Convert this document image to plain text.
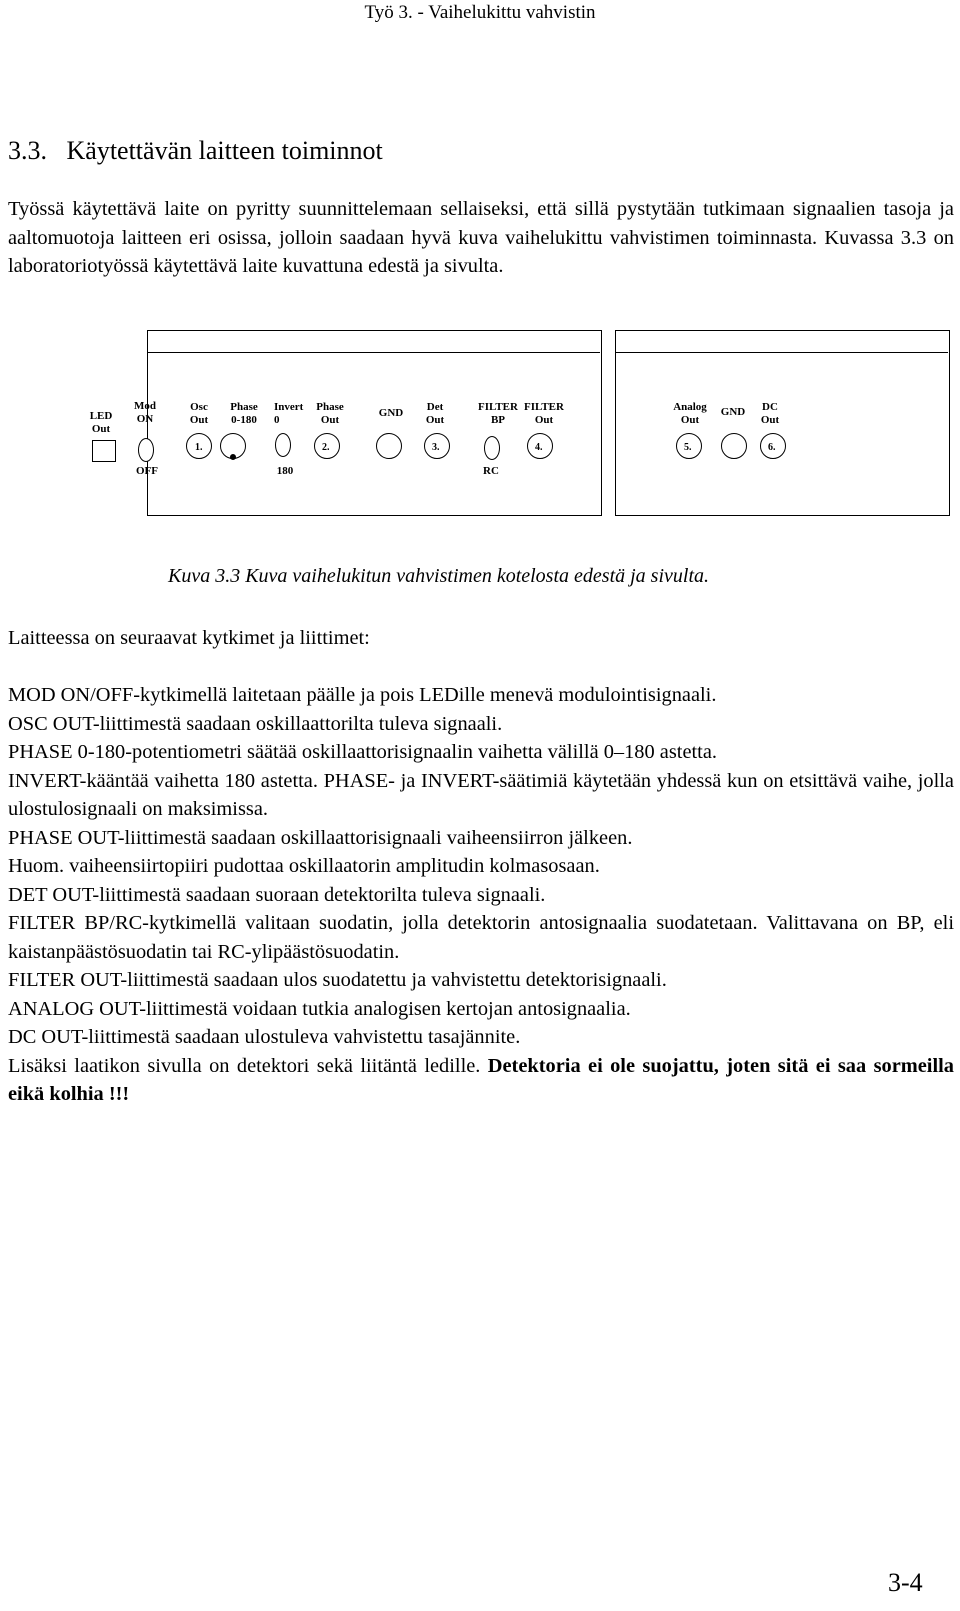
Työ 3. - Vaihelukittu vahvistin
3.3. Käytettävän laitteen toiminnot

Työssä käytettävä laite on pyritty suunnittelemaan sellaiseksi, että sillä pystytään tutkimaan signaalien tasoja ja aaltomuotoja laitteen eri osissa, jolloin saadaan hyvä kuva vaihelukittu vahvistimen toiminnasta. Kuvassa 3.3 on laboratoriotyössä käytettävä laite kuvattuna edestä ja sivulta.

LED
Out
Mod
ON
OFF
Osc
Out
1.
Phase
0-180
Invert
0
180
Phase
Out
2.
GND	Det
Out
3.
FILTER
BP
RC
FILTER
Out
4.
Analog
Out
5.
GND	DC
Out
6.
Kuva 3.3 Kuva vaihelukitun vahvistimen kotelosta edestä ja sivulta.

Laitteessa on seuraavat kytkimet ja liittimet:

MOD ON/OFF-kytkimellä laitetaan päälle ja pois LEDille menevä modulointisignaali.
OSC OUT-liittimestä saadaan oskillaattorilta tuleva signaali.
PHASE 0-180-potentiometri säätää oskillaattorisignaalin vaihetta välillä 0–180 astetta.
INVERT-kääntää vaihetta 180 astetta. PHASE- ja INVERT-säätimiä käytetään yhdessä kun on etsittävä vaihe, jolla ulostulosignaali on maksimissa.
PHASE OUT-liittimestä saadaan oskillaattorisignaali vaiheensiirron jälkeen.
Huom. vaiheensiirtopiiri pudottaa oskillaatorin amplitudin kolmasosaan.
DET OUT-liittimestä saadaan suoraan detektorilta tuleva signaali.
FILTER BP/RC-kytkimellä valitaan suodatin, jolla detektorin antosignaalia suodatetaan. Valittavana on BP, eli kaistanpäästösuodatin tai RC-ylipäästösuodatin.
FILTER OUT-liittimestä saadaan ulos suodatettu ja vahvistettu detektorisignaali.
ANALOG OUT-liittimestä voidaan tutkia analogisen kertojan antosignaalia.
DC OUT-liittimestä saadaan ulostuleva vahvistettu tasajännite.
Lisäksi laatikon sivulla on detektori sekä liitäntä ledille. Detektoria ei ole suojattu, joten sitä ei saa sormeilla eikä kolhia !!!
3-4
